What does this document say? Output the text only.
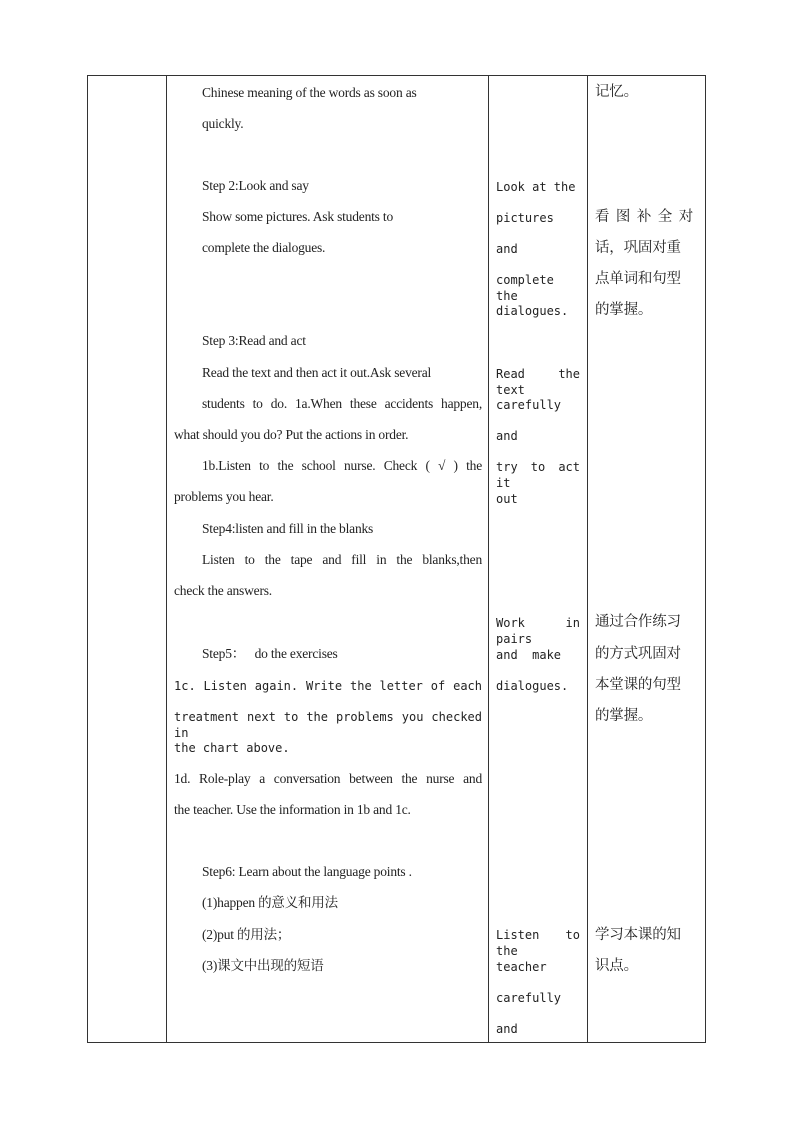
Chinese meaning of the words as soon as
quickly.
Step 2:Look and say
Show some pictures. Ask students to
complete the dialogues.
Step 3:Read and act
Read the text and then act it out.Ask several
students to do. 1a.When these accidents happen,
what should you do? Put the actions in order.
1b.Listen to the school nurse. Check ( √ ) the
problems you hear.
Step4:listen and fill in the blanks
Listen to the tape and fill in the blanks,then
check the answers.
Step5：   do the exercises
1c. Listen again. Write the letter of each
treatment next to the problems you checked in
the chart above.
1d. Role-play a conversation between the nurse and
the teacher. Use the information in 1b and 1c.
Step6: Learn about the language points .
(1)happen 的意义和用法
(2)put 的用法；
(3)课文中出现的短语
Look at the
pictures
and
complete the
dialogues.
Read the text
carefully
and
try to act it
out
Work in pairs
and  make
dialogues.
Listen to the
teacher
carefully
and
记忆。
看图补全对
话，巩固对重
点单词和句型
的掌握。
通过合作练习
的方式巩固对
本堂课的句型
的掌握。
学习本课的知
识点。
